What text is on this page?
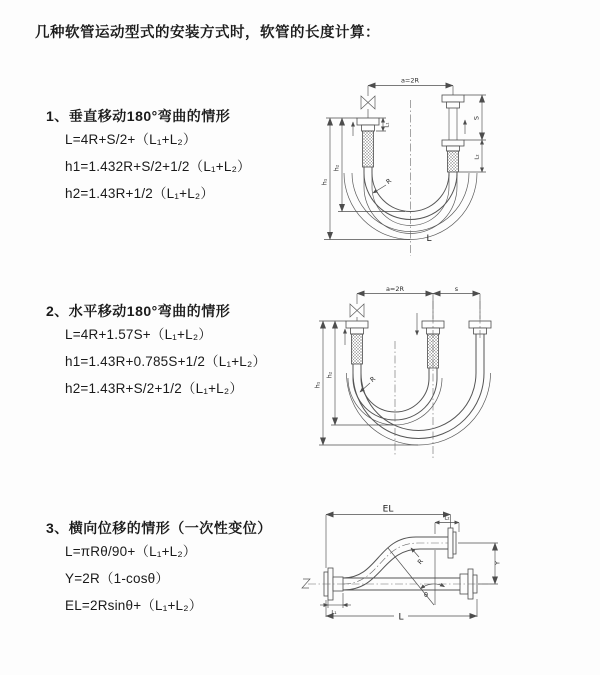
几种软管运动型式的安装方式时，软管的长度计算：
1、垂直移动180°弯曲的情形
L=4R+S/2+（L₁+L₂）
h1=1.432R+S/2+1/2（L₁+L₂）
h2=1.43R+1/2（L₁+L₂）
2、水平移动180°弯曲的情形
L=4R+1.57S+（L₁+L₂）
h1=1.43R+0.785S+1/2（L₁+L₂）
h2=1.43R+S/2+1/2（L₁+L₂）
3、横向位移的情形（一次性变位）
L=πRθ/90+（L₁+L₂）
Y=2R（1-cosθ）
EL=2Rsinθ+（L₁+L₂）
a=2R
h₁
h₂
S
L₂
L₁
R
L
a=2R	s
h₁
h₂	R
EL
L₂
Y
L
L₁
R
θ
